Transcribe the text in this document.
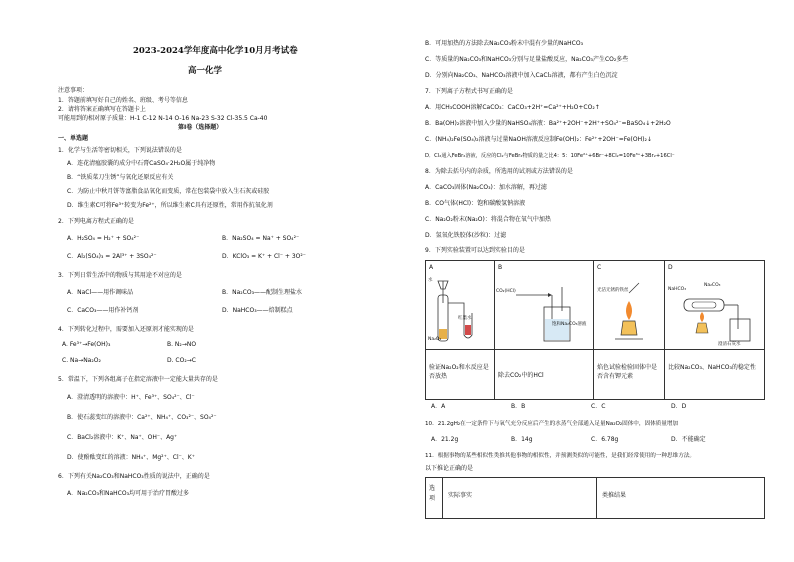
2023-2024学年度高中化学10月月考试卷
高一化学
注意事项：
1．答题前填写好自己的姓名、班级、考号等信息
2．请将答案正确填写在答题卡上
可能用到的相对原子质量：H-1 C-12 N-14 O-16 Na-23 S-32 Cl-35.5 Ca-40
第Ⅰ卷（选择题）
一、单选题
1．化学与生活等密切相关，下列说法错误的是
A．连花清瘟胶囊的成分中石膏CaSO₄·2H₂O属于纯净物
B．“铁质菜刀生锈”与氧化还原反应有关
C．为防止中秋月饼等富脂食品氧化而变质，常在包装袋中放入生石灰或硅胶
D．维生素C可将Fe³⁺转变为Fe²⁺，所以维生素C具有还原性，常用作抗氧化剂
2．下列电离方程式正确的是
A．H₂SO₄ = H₂⁺ + SO₄²⁻	B．Na₂SO₄ = Na⁺ + SO₄²⁻
C．Al₂(SO₄)₃ = 2Al³⁺ + 3SO₄²⁻	D．KClO₃ = K⁺ + Cl⁻ + 3O²⁻
3．下列日常生活中的物质与其用途不对应的是
A．NaCl——用作调味品	B．Na₂CO₃——配制生理盐水
C．CaCO₃——用作补钙剂	D．NaHCO₃——焙制糕点
4．下列转化过程中，需要加入还原剂才能实现的是
A. Fe³⁺→Fe(OH)₃	B. N₂→NO
C. Na→Na₂O₂	D. CO₂→C
5．常温下，下列各组离子在指定溶液中一定能大量共存的是
A．澄清透明的溶液中：H⁺、Fe³⁺、SO₄²⁻、Cl⁻
B．使石蕊变红的溶液中：Ca²⁺、NH₄⁺、CO₃²⁻、SO₄²⁻
C．BaCl₂溶液中：K⁺、Na⁺、OH⁻、Ag⁺
D．使酚酞变红的溶液：NH₄⁺、Mg²⁺、Cl⁻、K⁺
6．下列有关Na₂CO₃和NaHCO₃性质的说法中，正确的是
A．Na₂CO₃和NaHCO₃均可用于治疗胃酸过多
B．可用加热的方法除去Na₂CO₃粉末中混有少量的NaHCO₃
C．等质量的Na₂CO₃和NaHCO₃分别与足量盐酸反应，Na₂CO₃产生CO₂多些
D．分别向Na₂CO₃、NaHCO₃溶液中加入CaCl₂溶液，都有产生白色沉淀
7．下列离子方程式书写正确的是
A．用CH₃COOH溶解CaCO₃：CaCO₃+2H⁺=Ca²⁺+H₂O+CO₂↑
B．Ba(OH)₂溶液中加入少量的NaHSO₄溶液：Ba²⁺+2OH⁻+2H⁺+SO₄²⁻=BaSO₄↓+2H₂O
C．(NH₄)₂Fe(SO₄)₂溶液与过量NaOH溶液反应制Fe(OH)₂：Fe²⁺+2OH⁻=Fe(OH)₂↓
D．Cl₂通入FeBr₂溶液，反应的Cl₂与FeBr₂物质的量之比4：5：10Fe²⁺+6Br⁻+8Cl₂=10Fe³⁺+3Br₂+16Cl⁻
8．为除去括号内的杂质，所选用的试剂或方法错误的是
A．CaCO₃固体(Na₂CO₃)：加水溶解，再过滤
B．CO气体(HCl)：饱和碳酸氢钠溶液
C．Na₂O₂粉末(Na₂O)：将混合物在氧气中加热
D．氢氧化铁胶体(沙粒)：过滤
9．下列实验装置可以达到实验目的是
A	B	C	D
水
红墨水
Na₂O₂
CO₂(HCl)
饱和Na₂CO₃溶液
光洁无锈的铁丝	NaHCO₃
Na₂CO₃
澄清石灰水
验证Na₂O₂和水反应是否放热	除去CO₂中的HCl
焰色试验检验固体中是否含有钾元素
比较Na₂CO₃、NaHCO₃的稳定性
A．A	B．B	C．C	D．D
10．21.2gH₂在一定条件下与氧气充分反应后产生的水蒸气全部通入足量Na₂O₂固体中，固体质量增加
A．21.2g	B．14g	C．6.78g	D．不能确定
11．根据事物的某些相似性类推其他事物的相似性，并预测类似的可能性，是我们经常使用的一种思维方法。
以下推论正确的是
选项	实际事实	类推结果
